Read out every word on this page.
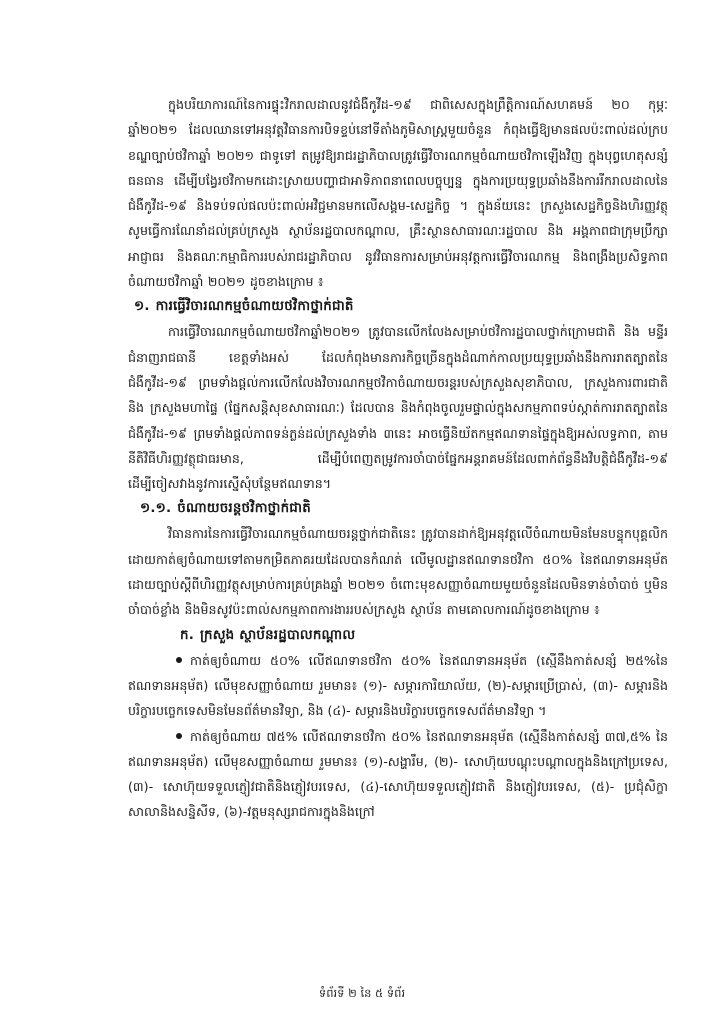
ក្នុងបរិយាការណ៍នៃការផ្ទុះវិករាលដាលនូវជំងឺកូវីដ-១៩ ជាពិសេសក្នុងព្រឹត្តិការណ៍សហគមន៍ ២០ កុម្ភៈ ឆ្នាំ២០២១ ដែលឈានទៅអនុវត្តវិធានការបិទខ្ទប់នៅទីតាំងភូមិសាស្ត្រមួយចំនួន កំពុងធ្វើឱ្យមានផលប៉ះពាល់ដល់ក្របខណ្ឌច្បាប់ថវិកាឆ្នាំ ២០២១ ជាទូទៅ តម្រូវឱ្យរាជរដ្ឋាភិបាលត្រូវធ្វើវិចារណកម្មចំណាយថវិកាឡើងវិញ ក្នុងបុព្វហេតុសន្សំធនធាន ដើម្បីបង្វែរថវិកាមកដោះស្រាយបញ្ហាជាអាទិភាពនាពេលបច្ចុប្បន្ន ក្នុងការប្រយុទ្ធប្រឆាំងនឹងការរីករាលដាលនៃជំងឺកូវីដ-១៩ និងទប់ទល់ផលប៉ះពាល់អវិជ្ជមានមកលើសង្គម-សេដ្ឋកិច្ច ។ ក្នុងន័យនេះ ក្រសួងសេដ្ឋកិច្ចនិងហិរញ្ញវត្ថុ សូមធ្វើការណែនាំដល់គ្រប់ក្រសួង ស្ថាប័នរដ្ឋបាលកណ្តាល, គ្រឹះស្ថានសាធារណៈរដ្ឋបាល និង អង្គភាពជាក្រុមប្រឹក្សា អាជ្ញាធរ និងគណៈកម្មាធិការរបស់រាជរដ្ឋាភិបាល នូវវិធានការសម្រាប់អនុវត្តការធ្វើវិចារណកម្ម និងពង្រឹងប្រសិទ្ធភាពចំណាយថវិកាឆ្នាំ ២០២១ ដូចខាងក្រោម ៖

១. ការធ្វើវិចារណកម្មចំណាយថវិកាថ្នាក់ជាតិ

ការធ្វើវិចារណកម្មចំណាយថវិកាឆ្នាំ២០២១ ត្រូវបានលើកលែងសម្រាប់ថវិការដ្ឋបាលថ្នាក់ក្រោមជាតិ និង មន្ទីរជំនាញរាជធានី ខេត្តទាំងអស់ ដែលកំពុងមានភារកិច្ចច្រើនក្នុងដំណាក់កាលប្រយុទ្ធប្រឆាំងនឹងការរាតត្បាតនៃជំងឺកូវីដ-១៩ ព្រមទាំងផ្តល់ការលើកលែងវិចារណកម្មថវិកាចំណាយចរន្តរបស់ក្រសួងសុខាភិបាល, ក្រសួងការពារជាតិ និង ក្រសួងមហាផ្ទៃ (ផ្នែកសន្តិសុខសាធារណៈ) ដែលបាន និងកំពុងចូលរួមផ្ទាល់ក្នុងសកម្មភាពទប់ស្កាត់ការរាតត្បាតនៃជំងឺកូវីដ-១៩ ព្រមទាំងផ្តល់ភាពទន់ភ្លន់ដល់ក្រសួងទាំង ៣នេះ អាចធ្វើនិយ័តកម្មឥណទានផ្ទៃក្នុងឱ្យអស់លទ្ធភាព, តាមនីតិវិធីហិរញ្ញវត្ថុជាធរមាន, ដើម្បីបំពេញតម្រូវការចាំបាច់ផ្នែកអន្តរាគមន៍ដែលពាក់ព័ន្ធនឹងវិបត្តិជំងឺកូវីដ-១៩ ដើម្បីចៀសវាងនូវការស្នើសុំបន្ថែមឥណទាន។

១.១. ចំណាយចរន្តថវិកាថ្នាក់ជាតិ

វិធានការនៃការធ្វើវិចារណកម្មចំណាយចរន្តថ្នាក់ជាតិនេះ ត្រូវបានដាក់ឱ្យអនុវត្តលើចំណាយមិនមែនបន្ទុកបុគ្គលិក ដោយកាត់ឲ្យចំណាយទៅតាមកម្រិតភាគរយដែលបានកំណត់ លើមូលដ្ឋានឥណទានថវិកា ៥០% នៃឥណទានអនុម័តដោយច្បាប់ស្តីពីហិរញ្ញវត្ថុសម្រាប់ការគ្រប់គ្រងឆ្នាំ ២០២១ ចំពោះមុខសញ្ញាចំណាយមួយចំនួនដែលមិនទាន់ចាំបាច់ ឬមិនចាំបាច់ខ្លាំង និងមិនសូវប៉ះពាល់សកម្មភាពការងាររបស់ក្រសួង ស្ថាប័ន តាមគោលការណ៍ដូចខាងក្រោម ៖

ក. ក្រសួង ស្ថាប័នរដ្ឋបាលកណ្តាល

កាត់ឲ្យចំណាយ ៥០% លើឥណទានថវិកា ៥០% នៃឥណទានអនុម័ត (ស្មើនឹងកាត់សន្សំ ២៥%នៃឥណទានអនុម័ត) លើមុខសញ្ញាចំណាយ រួមមាន៖ (១)- សម្ភារការិយាល័យ, (២)-សម្ភារប្រើប្រាស់, (៣)- សម្ភារនិងបរិក្ខារបច្ចេកទេសមិនមែនព័ត៌មានវិទ្យា, និង (៤)- សម្ភារនិងបរិក្ខារបច្ចេកទេសព័ត៌មានវិទ្យា ។

កាត់ឲ្យចំណាយ ៧៥% លើឥណទានថវិកា ៥០% នៃឥណទានអនុម័ត (ស្មើនឹងកាត់សន្សំ ៣៧,៥% នៃឥណទានអនុម័ត) លើមុខសញ្ញាចំណាយ រួមមាន៖ (១)-សង្ហារឹម, (២)- សោហ៊ុយបណ្តុះបណ្តាលក្នុងនិងក្រៅប្រទេស, (៣)- សោហ៊ុយទទួលភ្ញៀវជាតិនិងភ្ញៀវបរទេស, (៤)-សោហ៊ុយទទួលភ្ញៀវជាតិ និងភ្ញៀវបរទេស, (៥)- ប្រជុំសិក្ខាសាលានិងសន្និសីទ, (៦)-វត្តមនុស្សរាជការក្នុងនិងក្រៅ

ទំព័រទី ២ នៃ ៥ ទំព័រ
